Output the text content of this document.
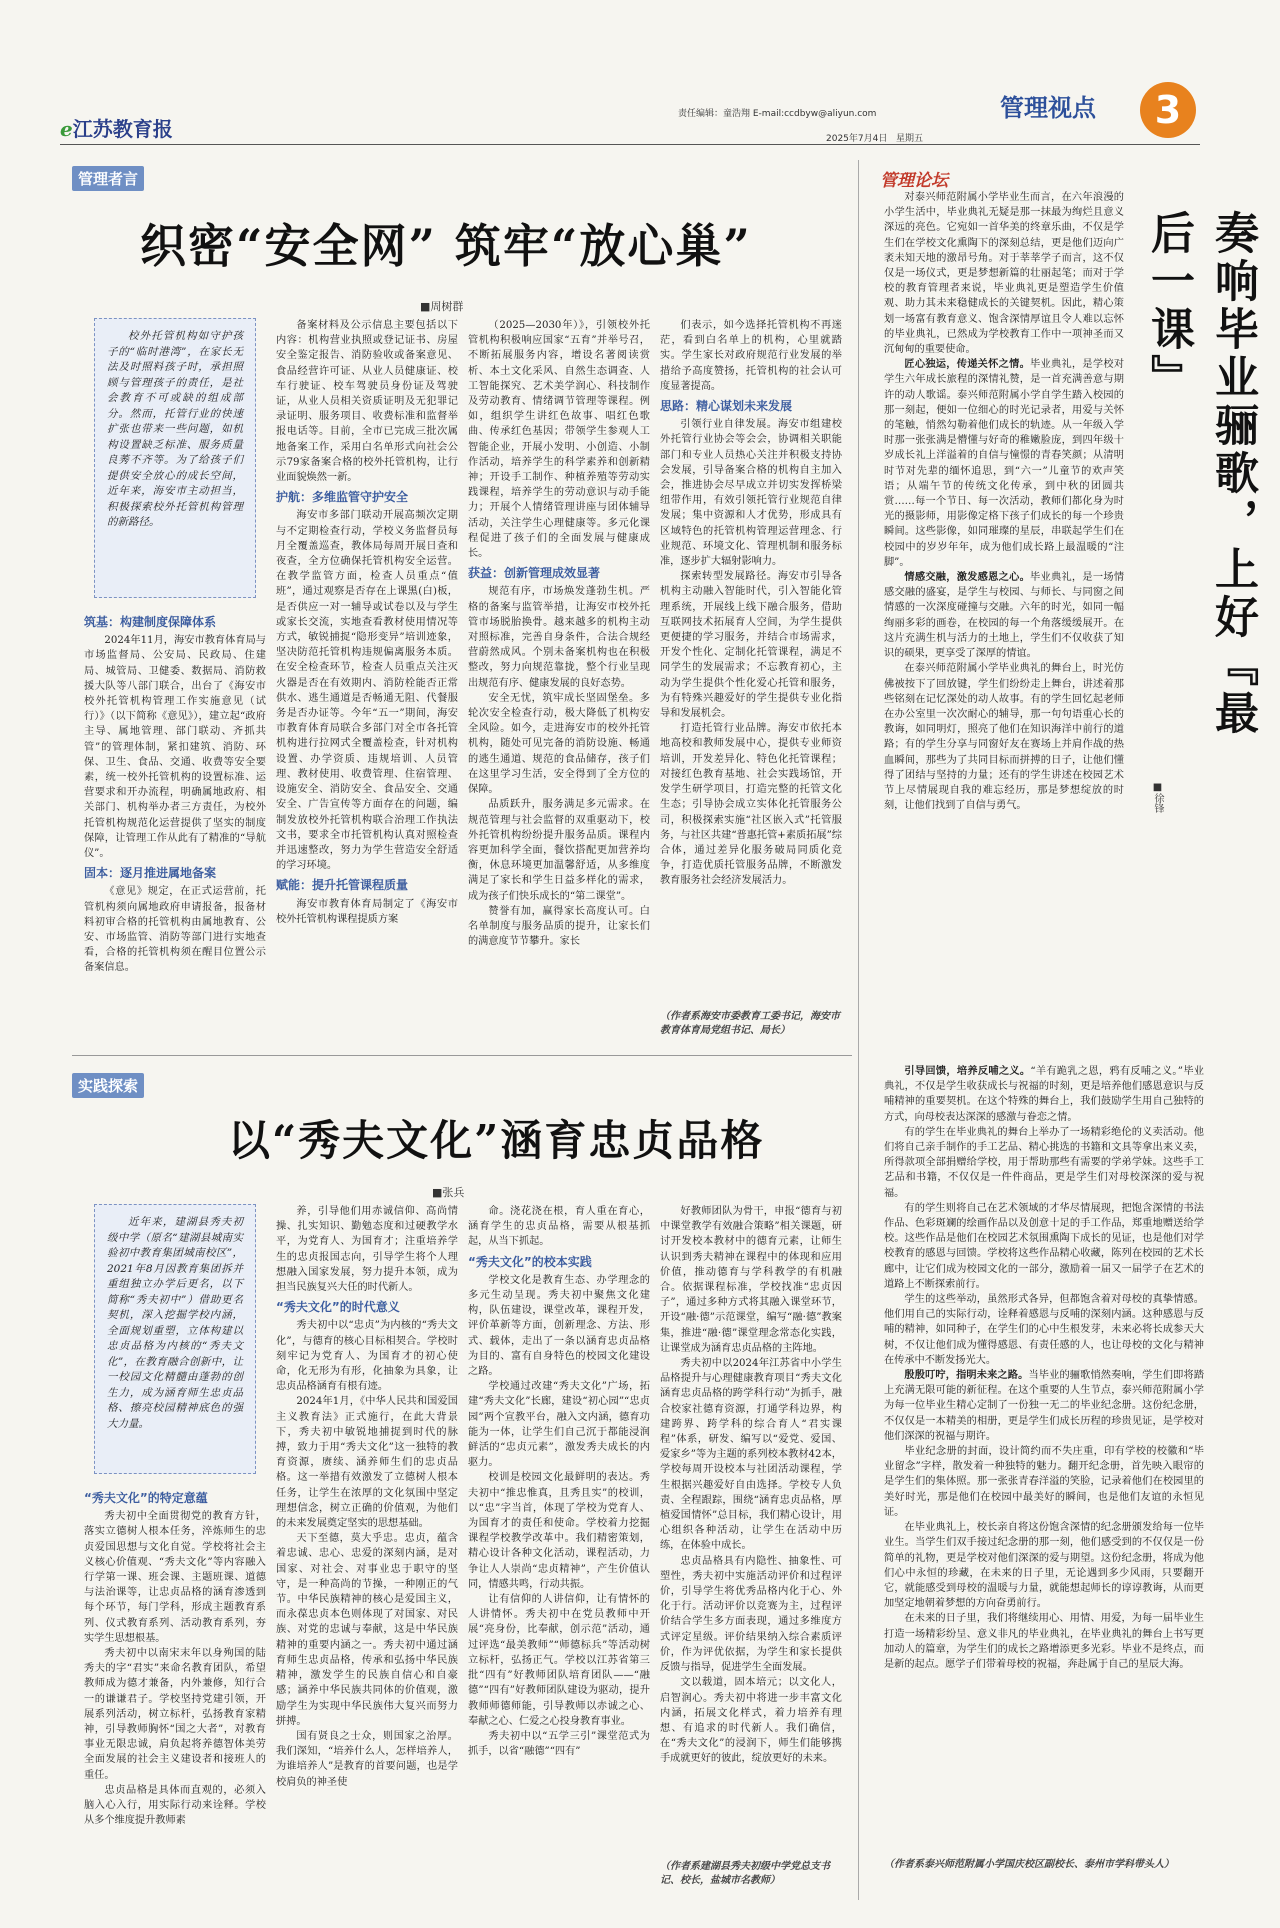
e江苏教育报
责任编辑：童浩翔 E-mail:ccdbyw@aliyun.com
2025年7月4日 星期五
管理视点	3
管理者言
织密“安全网” 筑牢“放心巢”
■周树群

校外托管机构如守护孩子的“临时港湾”，在家长无法及时照料孩子时，承担照顾与管理孩子的责任，是社会教育不可或缺的组成部分。然而，托管行业的快速扩张也带来一些问题，如机构设置缺乏标准、服务质量良莠不齐等。为了给孩子们提供安全放心的成长空间，近年来，海安市主动担当，积极探索校外托管机构管理的新路径。

筑基：构建制度保障体系

2024年11月，海安市教育体育局与市场监督局、公安局、民政局、住建局、城管局、卫健委、数据局、消防救援大队等八部门联合，出台了《海安市校外托管机构管理工作实施意见（试行）》（以下简称《意见》），建立起“政府主导、属地管理、部门联动、齐抓共管”的管理体制，紧扣建筑、消防、环保、卫生、食品、交通、收费等安全要素，统一校外托管机构的设置标准、运营要求和开办流程，明确属地政府、相关部门、机构举办者三方责任，为校外托管机构规范化运营提供了坚实的制度保障，让管理工作从此有了精准的“导航仪”。

固本：逐月推进属地备案

《意见》规定，在正式运营前，托管机构须向属地政府申请报备，报备材料初审合格的托管机构由属地教育、公安、市场监管、消防等部门进行实地查看，合格的托管机构须在醒目位置公示备案信息。

备案材料及公示信息主要包括以下内容：机构营业执照或登记证书、房屋安全鉴定报告、消防验收或备案意见、食品经营许可证、从业人员健康证、校车行驶证、校车驾驶员身份证及驾驶证，从业人员相关资质证明及无犯罪记录证明、服务项目、收费标准和监督举报电话等。目前，全市已完成三批次属地备案工作，采用白名单形式向社会公示79家备案合格的校外托管机构，让行业面貌焕然一新。

护航：多维监管守护安全

海安市多部门联动开展高频次定期与不定期检查行动，学校义务监督员每月全覆盖巡查，教体局每周开展日查和夜查，全方位确保托管机构安全运营。在教学监管方面，检查人员重点“值班”，通过观察是否存在上课黑(白)板，是否供应一对一辅导或试卷以及与学生或家长交流，实地查看教材使用情况等方式，敏锐捕捉“隐形变异”培训迹象，坚决防范托管机构违规偏离服务本质。在安全检查环节，检查人员重点关注灭火器是否在有效期内、消防栓能否正常供水、逃生通道是否畅通无阻、代餐服务是否办证等。今年“五一”期间，海安市教育体育局联合多部门对全市各托管机构进行拉网式全覆盖检查，针对机构设置、办学资质、违规培训、人员管理、教材使用、收费管理、住宿管理、设施安全、消防安全、食品安全、交通安全、广告宣传等方面存在的问题，编制发放校外托管机构联合治理工作执法文书，要求全市托管机构认真对照检查并迅速整改，努力为学生营造安全舒适的学习环境。

赋能：提升托管课程质量

海安市教育体育局制定了《海安市校外托管机构课程提质方案

（2025—2030年）》，引领校外托管机构积极响应国家“五育”并举号召，不断拓展服务内容，增设名著阅读赏析、本土文化采风、自然生态调查、人工智能探究、艺术美学润心、科技制作及劳动教育、情绪调节管理等课程。例如，组织学生讲红色故事、唱红色歌曲、传承红色基因；带领学生参观人工智能企业，开展小发明、小创造、小制作活动，培养学生的科学素养和创新精神；开设手工制作、种植养殖等劳动实践课程，培养学生的劳动意识与动手能力；开展个人情绪管理讲座与团体辅导活动，关注学生心理健康等。多元化课程促进了孩子们的全面发展与健康成长。

获益：创新管理成效显著

规范有序，市场焕发蓬勃生机。严格的备案与监管举措，让海安市校外托管市场脱胎换骨。越来越多的机构主动对照标准，完善自身条件，合法合规经营蔚然成风。个别未备案机构也在积极整改，努力向规范靠拢，整个行业呈现出规范有序、健康发展的良好态势。

安全无忧，筑牢成长坚固堡垒。多轮次安全检查行动，极大降低了机构安全风险。如今，走进海安市的校外托管机构，随处可见完备的消防设施、畅通的逃生通道、规范的食品储存，孩子们在这里学习生活，安全得到了全方位的保障。

品质跃升，服务满足多元需求。在规范管理与社会监督的双重驱动下，校外托管机构纷纷提升服务品质。课程内容更加科学全面，餐饮搭配更加营养均衡，休息环境更加温馨舒适，从多维度满足了家长和学生日益多样化的需求，成为孩子们快乐成长的“第二课堂”。

赞誉有加，赢得家长高度认可。白名单制度与服务品质的提升，让家长们的满意度节节攀升。家长

们表示，如今选择托管机构不再迷茫，看到白名单上的机构，心里就踏实。学生家长对政府规范行业发展的举措给予高度赞扬，托管机构的社会认可度显著提高。

思路：精心谋划未来发展

引领行业自律发展。海安市组建校外托管行业协会等会会，协调相关职能部门和专业人员热心关注并积极支持协会发展，引导备案合格的机构自主加入会，推进协会尽早成立并切实发挥桥梁纽带作用，有效引领托管行业规范自律发展；集中资源和人才优势，形成具有区域特色的托管机构管理运营理念、行业规范、环境文化、管理机制和服务标准，逐步扩大辐射影响力。

探索转型发展路径。海安市引导各机构主动融入智能时代，引入智能化管理系统，开展线上线下融合服务，借助互联网技术拓展育人空间，为学生提供更便捷的学习服务，并结合市场需求，开发个性化、定制化托管课程，满足不同学生的发展需求；不忘教育初心，主动为学生提供个性化爱心托管和服务，为有特殊兴趣爱好的学生提供专业化指导和发展机会。

打造托管行业品牌。海安市依托本地高校和教师发展中心，提供专业师资培训，开发差异化、特色化托管课程；对接红色教育基地、社会实践场馆，开发学生研学项目，打造完整的托管文化生态；引导协会成立实体化托管服务公司，积极探索实施“社区嵌入式”托管服务，与社区共建“普惠托管+素质拓展”综合体，通过差异化服务破局同质化竞争，打造优质托管服务品牌，不断激发教育服务社会经济发展活力。

（作者系海安市委教育工委书记，海安市教育体育局党组书记、局长）
实践探索
以“秀夫文化”涵育忠贞品格
■张兵

近年来，建湖县秀夫初级中学（原名“建湖县城南实验初中教育集团城南校区”，2021年8月因教育集团拆并重组独立办学后更名，以下简称“秀夫初中”）借助更名契机，深入挖掘学校内涵，全面规划重塑，立体构建以忠贞品格为内核的“秀夫文化”，在教育融合创新中，让一校园文化精髓由蓬勃的创生力，成为涵育师生忠贞品格、擦亮校园精神底色的强大力量。

“秀夫文化”的特定意蕴

秀夫初中全面贯彻党的教育方针，落实立德树人根本任务，淬炼师生的忠贞爱国思想与文化自觉。学校将社会主义核心价值观、“秀夫文化”等内容融入行学第一课、班会课、主题班课、道德与法治课等，让忠贞品格的涵育渗透到每个环节，每门学科，形成主题教育系列、仪式教育系列、活动教育系列，夯实学生思想根基。

秀夫初中以南宋末年以身殉国的陆秀夫的字“君实”来命名教育团队，希望教师成为德才兼备，内外兼修，知行合一的谦谦君子。学校坚持党建引领，开展系列活动，树立标杆，弘扬教育家精神，引导教师胸怀“国之大者”，对教育事业无限忠诚，肩负起将养德智体美劳全面发展的社会主义建设者和接班人的重任。

忠贞品格是具体而直观的，必须入脑入心入行，用实际行动来诠释。学校从多个维度提升教师素

养，引导他们用赤诚信仰、高尚情操、扎实知识、勤勉态度和过硬教学水平，为党育人、为国育才；注重培养学生的忠贞报国志向，引导学生将个人理想融入国家发展，努力提升本领，成为担当民族复兴大任的时代新人。

“秀夫文化”的时代意义

秀夫初中以“忠贞”为内核的“秀夫文化”，与德育的核心目标相契合。学校时刻牢记为党育人、为国育才的初心使命，化无形为有形，化抽象为具象，让忠贞品格涵育有根有迹。

2024年1月，《中华人民共和国爱国主义教育法》正式施行，在此大背景下，秀夫初中敏锐地捕捉到时代的脉搏，致力于用“秀夫文化”这一独特的教育资源，赓续、涵养师生们的忠贞品格。这一举措有效激发了立德树人根本任务，让学生在浓厚的文化氛围中坚定理想信念，树立正确的价值观，为他们的未来发展奠定坚实的思想基础。

天下至德，莫大乎忠。忠贞，蕴含着忠诚、忠心、忠爱的深刻内涵，是对国家、对社会、对事业忠于职守的坚守，是一种高尚的节操，一种刚正的气节。中华民族精神的核心是爱国主义，而永葆忠贞本色则体现了对国家、对民族、对党的忠诚与奉献，这是中华民族精神的重要内涵之一。秀夫初中通过涵育师生忠贞品格，传承和弘扬中华民族精神，激发学生的民族自信心和自豪感；涵养中华民族共同体的价值观，激励学生为实现中华民族伟大复兴而努力拼搏。

国有贤良之士众，则国家之治厚。我们深知，“培养什么人，怎样培养人，为谁培养人”是教育的首要问题，也是学校肩负的神圣使

命。浇花浇在根，育人重在育心，涵育学生的忠贞品格，需要从根基抓起，从当下抓起。

“秀夫文化”的校本实践

学校文化是教育生态、办学理念的多元生动呈现。秀夫初中聚焦文化建构，队伍建设，课堂改革，课程开发，评价革新等方面，创新理念、方法、形式、载体，走出了一条以涵育忠贞品格为目的、富有自身特色的校园文化建设之路。

学校通过改建“秀夫文化”广场，拓建“秀夫文化”长廊，建设“初心园”“忠贞园”两个宣教平台，融入文内涵，德育功能为一体，让学生们自己沉于都能浸润鲜活的“忠贞元素”，激发秀夫成长的内驱力。

校训是校园文化最鲜明的表达。秀夫初中“推忠惟真，且秀且实”的校训，以“忠”字当首，体现了学校为党育人、为国育才的责任和使命。学校着力挖掘课程学校教学改革中。我们精密策划，精心设计各种文化活动，课程活动，力争让人人崇尚“忠贞精神”，产生价值认同，情感共鸣，行动共振。

让有信仰的人讲信仰，让有情怀的人讲情怀。秀夫初中在党员教师中开展“亮身份，比奉献，创示范”活动，通过评选“最美教师”“师德标兵”等活动树立标杆，弘扬正气。学校以江苏省第三批“四有”好教师团队培育团队——“融德”“四有”好教师团队建设为驱动，提升教师师德师能，引导教师以赤诚之心、奉献之心、仁爱之心投身教育事业。

秀夫初中以“五学三引”课堂范式为抓手，以省“融德”“四有”

好教师团队为骨干，申报“德育与初中课堂教学有效融合策略”相关课题，研讨开发校本教材中的德育元素，让师生认识到秀夫精神在课程中的体现和应用价值，推动德育与学科教学的有机融合。依据课程标准，学校找准“忠贞因子”，通过多种方式将其融入课堂环节，开设“融·德”示范课堂，编写“融·德”教案集，推进“融·德”课堂理念常态化实践，让课堂成为涵育忠贞品格的主阵地。

秀夫初中以2024年江苏省中小学生品格提升与心理健康教育项目“秀夫文化涵育忠贞品格的跨学科行动”为抓手，融合校家社德育资源，打通学科边界，构建跨界、跨学科的综合育人“君实课程”体系，研发、编写以“爱党、爱国、爱家乡”等为主题的系列校本教材42本，学校每周开设校本与社团活动课程，学生根据兴趣爱好自由选择。学校专人负责、全程跟踪，围绕“涵育忠贞品格，厚植爱国情怀”总目标，我们精心设计，用心组织各种活动，让学生在活动中历练，在体验中成长。

忠贞品格具有内隐性、抽象性、可塑性，秀夫初中实施活动评价和过程评价，引导学生将优秀品格内化于心、外化于行。活动评价以竞赛为主，过程评价结合学生多方面表现，通过多维度方式评定星级。评价结果纳入综合素质评价，作为评优依据，为学生和家长提供反馈与指导，促进学生全面发展。

文以载道，固本培元；以文化人，启智润心。秀夫初中将进一步丰富文化内涵，拓展文化样式，着力培养有理想、有追求的时代新人。我们确信，在“秀夫文化”的浸润下，师生们能够携手成就更好的彼此，绽放更好的未来。

（作者系建湖县秀夫初级中学党总支书记、校长，盐城市名教师）
管理论坛
奏响毕业骊歌，上好『最后一课』
■徐锋

对泰兴师范附属小学毕业生而言，在六年浪漫的小学生活中，毕业典礼无疑是那一抹最为绚烂且意义深远的亮色。它宛如一首华美的终章乐曲，不仅是学生们在学校文化熏陶下的深刻总结，更是他们迈向广袤未知天地的激昂号角。对于莘莘学子而言，这不仅仅是一场仪式，更是梦想新篇的壮丽起笔；而对于学校的教育管理者来说，毕业典礼更是塑造学生价值观、助力其未来稳健成长的关键契机。因此，精心策划一场富有教育意义、饱含深情厚谊且令人难以忘怀的毕业典礼，已然成为学校教育工作中一项神圣而又沉甸甸的重要使命。

匠心独运，传递关怀之情。毕业典礼，是学校对学生六年成长旅程的深情礼赞，是一首充满善意与期许的动人歌谣。泰兴师范附属小学自学生踏入校园的那一刻起，便如一位细心的时光记录者，用爱与关怀的笔触，悄然勾勒着他们成长的轨迹。从一年级入学时那一张张满是懵懂与好奇的稚嫩脸庞，到四年级十岁成长礼上洋溢着的自信与憧憬的青春笑颜；从清明时节对先辈的缅怀追思，到“六一”儿童节的欢声笑语；从端午节的传统文化传承，到中秋的团圆共赏……每一个节日、每一次活动，教师们都化身为时光的摄影师，用影像定格下孩子们成长的每一个珍贵瞬间。这些影像，如同璀璨的星辰，串联起学生们在校园中的岁岁年年，成为他们成长路上最温暖的“注脚”。

情感交融，激发感恩之心。毕业典礼，是一场情感交融的盛宴，是学生与校园、与师长、与同窗之间情感的一次深度碰撞与交融。六年的时光，如同一幅绚丽多彩的画卷，在校园的每一个角落缓缓展开。在这片充满生机与活力的土地上，学生们不仅收获了知识的硕果，更享受了深厚的情谊。

在泰兴师范附属小学毕业典礼的舞台上，时光仿佛被按下了回放键，学生们纷纷走上舞台，讲述着那些铭刻在记忆深处的动人故事。有的学生回忆起老师在办公室里一次次耐心的辅导，那一句句语重心长的教诲，如同明灯，照亮了他们在知识海洋中前行的道路；有的学生分享与同窗好友在赛场上并肩作战的热血瞬间，那些为了共同目标而拼搏的日子，让他们懂得了团结与坚持的力量；还有的学生讲述在校园艺术节上尽情展现自我的难忘经历，那是梦想绽放的时刻，让他们找到了自信与勇气。

引导回馈，培养反哺之义。“羊有跪乳之恩，鸦有反哺之义。”毕业典礼，不仅是学生收获成长与祝福的时刻，更是培养他们感恩意识与反哺精神的重要契机。在这个特殊的舞台上，我们鼓励学生用自己独特的方式，向母校表达深深的感激与眷恋之情。

有的学生在毕业典礼的舞台上举办了一场精彩绝伦的义卖活动。他们将自己亲手制作的手工艺品、精心挑选的书籍和文具等拿出来义卖，所得款项全部捐赠给学校，用于帮助那些有需要的学弟学妹。这些手工艺品和书籍，不仅仅是一件件商品，更是学生们对母校深深的爱与祝福。

有的学生则将自己在艺术领域的才华尽情展现，把饱含深情的书法作品、色彩斑斓的绘画作品以及创意十足的手工作品，郑重地赠送给学校。这些作品是他们在校园艺术氛围熏陶下成长的见证，也是他们对学校教育的感恩与回馈。学校将这些作品精心收藏，陈列在校园的艺术长廊中，让它们成为校园文化的一部分，激励着一届又一届学子在艺术的道路上不断探索前行。

学生的这些举动，虽然形式各异，但都饱含着对母校的真挚情感。他们用自己的实际行动，诠释着感恩与反哺的深刻内涵。这种感恩与反哺的精神，如同种子，在学生们的心中生根发芽，未来必将长成参天大树，不仅让他们成为懂得感恩、有责任感的人，也让母校的文化与精神在传承中不断发扬光大。

殷殷叮咛，指明未来之路。当毕业的骊歌悄然奏响，学生们即将踏上充满无限可能的新征程。在这个重要的人生节点，泰兴师范附属小学为每一位毕业生精心定制了一份独一无二的毕业纪念册。这份纪念册，不仅仅是一本精美的相册，更是学生们成长历程的珍贵见证，是学校对他们深深的祝福与期许。

毕业纪念册的封面，设计简约而不失庄重，印有学校的校徽和“毕业留念”字样，散发着一种独特的魅力。翻开纪念册，首先映入眼帘的是学生们的集体照。那一张张青春洋溢的笑脸，记录着他们在校园里的美好时光，那是他们在校园中最美好的瞬间，也是他们友谊的永恒见证。

在毕业典礼上，校长亲自将这份饱含深情的纪念册颁发给每一位毕业生。当学生们双手接过纪念册的那一刻，他们感受到的不仅仅是一份简单的礼物，更是学校对他们深深的爱与期望。这份纪念册，将成为他们心中永恒的珍藏，在未来的日子里，无论遇到多少风雨，只要翻开它，就能感受到母校的温暖与力量，就能想起师长的谆谆教诲，从而更加坚定地朝着梦想的方向奋勇前行。

在未来的日子里，我们将继续用心、用情、用爱，为每一届毕业生打造一场精彩纷呈、意义非凡的毕业典礼，在毕业典礼的舞台上书写更加动人的篇章，为学生们的成长之路增添更多光彩。毕业不是终点，而是新的起点。愿学子们带着母校的祝福，奔赴属于自己的星辰大海。

（作者系泰兴师范附属小学国庆校区副校长、泰州市学科带头人）
